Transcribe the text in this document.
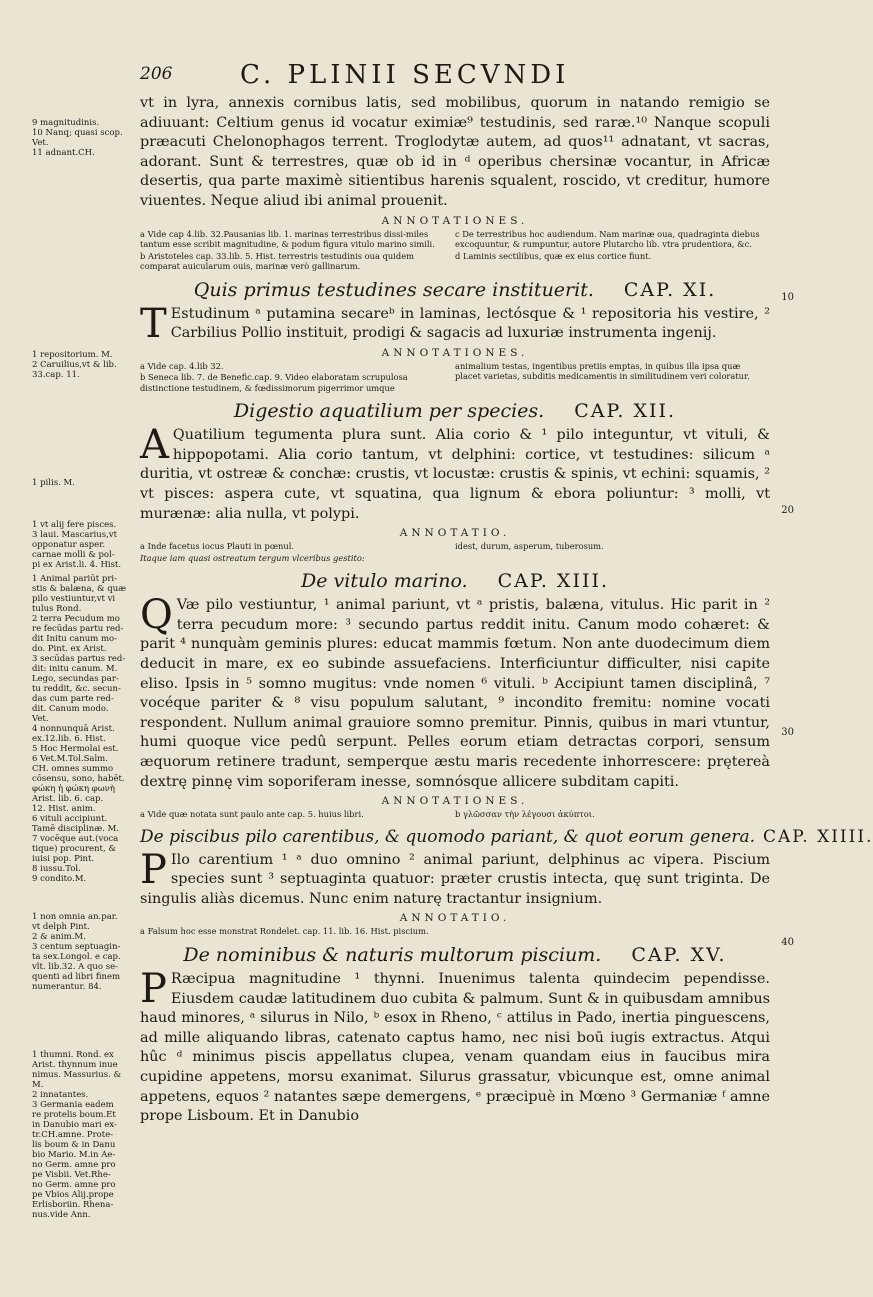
206	C. PLINII SECVNDI
10
20
30
40

9 magnitudinis.

10 Nanq; quasi scop.

Vet.

11 adnant.CH.

1 repositorium. M.

2 Caruilius,vt & lib.

33.cap. 11.

1 pilis. M.

1 vt alij fere pisces.

3 laui. Mascarius,vt

opponatur asper.

carnae molli & pol-

pi ex Arist.li. 4. Hist.

1 Animal pariūt pri-

stis & balæna, & quæ

pilo vestiuntur,vt vi

tulus Rond.

2 terra Pecudum mo

re fecūdas partu red-

dit Initu canum mo-

do. Pint. ex Arist.

3 secūdas partus red-

dit: initu canum. M.

Lego, secundas par-

tu reddit, &c. secun-

das cum parte red-

dit. Canum modo.

Vet.

4 nonnunquā Arist.

ex.12.lib. 6. Hist.

5 Hoc Hermolai est.

6 Vet.M.Tol.Salm.

CH. omnes summo

cōsensu, sono, habēt.

φώκη ἡ φώκη φωνὴ

Arist. lib. 6. cap.

12. Hist. anim.

6 vituli accipiunt.

Tamē disciplinæ. M.

7 vocēque aut.(voca

tique) procurent, &

iuisi pop. Pint.

8 iussu.Tol.

9 condito.M.

1 non omnia an.par.

vt delph Pint.

2 & anim.M.

3 centum septuagin-

ta sex.Longol. e cap.

vlt. lib.32. A quo se-

quenti ad libri finem

numerantur. 84.

1 thumni. Rond. ex

Arist. thynnum inue

nimus. Massurius. &

M.

2 innatantes.

3 Germania eadem

re protelis boum.Et

in Danubio mari ex-

tr.CH.amne. Prote-

lis boum & in Danu

bio Mario. M.in Ae-

no Germ. amne pro

pe Visbii. Vet.Rhe-

no Germ. amne pro

pe Vbios Alij.prope

Erlisboriin. Rhena-

nus.vide Ann.

vt in lyra, annexis cornibus latis, sed mobilibus, quorum in natando remigio se adiuuant: Celtium genus id vocatur eximiæ⁹ testudinis, sed raræ.¹⁰ Nanque scopuli præacuti Chelonophagos terrent. Troglodytæ autem, ad quos¹¹ adnatant, vt sacras, adorant. Sunt & terrestres, quæ ob id in ᵈ operibus chersinæ vocantur, in Africæ desertis, qua parte maximè sitientibus harenis squalent, roscido, vt creditur, humore viuentes. Neque aliud ibi animal prouenit.

ANNOTATIONES.

a Vide cap 4.lib. 32.Pausanias lib. 1. marinas terrestribus dissi-miles tantum esse scribit magnitudine, & podum figura vitulo marino simili.

b Aristoteles cap. 33.lib. 5. Hist. terrestris testudinis oua quidem comparat auicularum ouis, marinæ verò gallinarum.

c De terrestribus hoc audiendum. Nam marinæ oua, quadraginta diebus excoquuntur, & rumpuntur, autore Plutarcho lib. vtra prudentiora, &c.

d Laminis sectilibus, quæ ex eius cortice fiunt.

Quis primus testudines secare instituerit. CAP. XI.

T Estudinum ᵃ putamina secareᵇ in laminas, lectósque & ¹ repositoria his vestire, ² Carbilius Pollio instituit, prodigi & sagacis ad luxuriæ instrumenta ingenij.

ANNOTATIONES.

a Vide cap. 4.lib 32.

b Seneca lib. 7. de Benefic.cap. 9. Video elaboratam scrupulosa distinctione testudinem, & fœdissimorum pigerrimor umque

animalium testas, ingentibus pretiis emptas, in quibus illa ipsa quæ placet varietas, subditis medicamentis in similitudinem veri coloratur.

Digestio aquatilium per species. CAP. XII.

A Quatilium tegumenta plura sunt. Alia corio & ¹ pilo integuntur, vt vituli, & hippopotami. Alia corio tantum, vt delphini: cortice, vt testudines: silicum ᵃ duritia, vt ostreæ & conchæ: crustis, vt locustæ: crustis & spinis, vt echini: squamis, ² vt pisces: aspera cute, vt squatina, qua lignum & ebora poliuntur: ³ molli, vt murænæ: alia nulla, vt polypi.

ANNOTATIO.

a Inde facetus iocus Plauti in pœnul.

Itaque iam quasi ostreatum tergum vlceribus gestito:

idest, durum, asperum, tuberosum.

De vitulo marino. CAP. XIII.

Q Væ pilo vestiuntur, ¹ animal pariunt, vt ᵃ pristis, balæna, vitulus. Hic parit in ² terra pecudum more: ³ secundo partus reddit initu. Canum modo cohæret: & parit ⁴ nunquàm geminis plures: educat mammis fœtum. Non ante duodecimum diem deducit in mare, ex eo subinde assuefaciens. Interficiuntur difficulter, nisi capite eliso. Ipsis in ⁵ somno mugitus: vnde nomen ⁶ vituli. ᵇ Accipiunt tamen disciplinâ, ⁷ vocéque pariter & ⁸ visu populum salutant, ⁹ incondito fremitu: nomine vocati respondent. Nullum animal grauiore somno premitur. Pinnis, quibus in mari vtuntur, humi quoque vice pedû serpunt. Pelles eorum etiam detractas corpori, sensum æquorum retinere tradunt, semperque æstu maris recedente inhorrescere: prętereà dextrę pinnę vim soporiferam inesse, somnósque allicere subditam capiti.

ANNOTATIONES.

a Vide quæ notata sunt paulo ante cap. 5. huius libri.	b γλῶσσαν τὴν λέγουσι ἀκύπτοι.

De piscibus pilo carentibus, & quomodo pariant, & quot eorum genera. CAP. XIIII.

P Ilo carentium ¹ ᵃ duo omnino ² animal pariunt, delphinus ac vipera. Piscium species sunt ³ septuaginta quatuor: præter crustis intecta, quę sunt triginta. De singulis aliàs dicemus. Nunc enim naturę tractantur insignium.

ANNOTATIO.

a Falsum hoc esse monstrat Rondelet. cap. 11. lib. 16. Hist. piscium.

De nominibus & naturis multorum piscium. CAP. XV.

P Ræcipua magnitudine ¹ thynni. Inuenimus talenta quindecim pependisse. Eiusdem caudæ latitudinem duo cubita & palmum. Sunt & in quibusdam amnibus haud minores, ᵃ silurus in Nilo, ᵇ esox in Rheno, ᶜ attilus in Pado, inertia pinguescens, ad mille aliquando libras, catenato captus hamo, nec nisi boū iugis extractus. Atqui hûc ᵈ minimus piscis appellatus clupea, venam quandam eius in faucibus mira cupidine appetens, morsu exanimat. Silurus grassatur, vbicunque est, omne animal appetens, equos ² natantes sæpe demergens, ᵉ præcipuè in Mœno ³ Germaniæ ᶠ amne prope Lisboum. Et in Danubio
